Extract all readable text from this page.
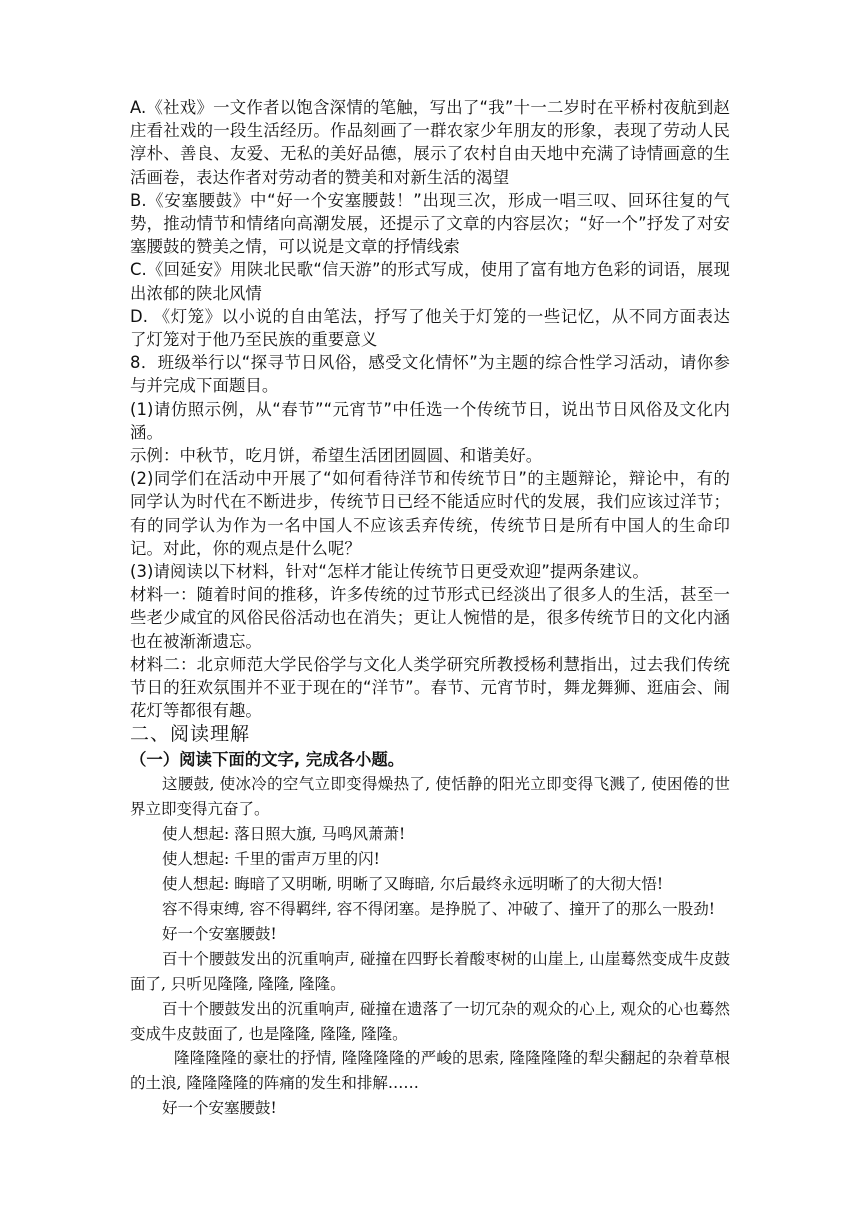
A.《社戏》一文作者以饱含深情的笔触，写出了“我”十一二岁时在平桥村夜航到赵庄看社戏的一段生活经历。作品刻画了一群农家少年朋友的形象，表现了劳动人民淳朴、善良、友爱、无私的美好品德，展示了农村自由天地中充满了诗情画意的生活画卷，表达作者对劳动者的赞美和对新生活的渴望

B.《安塞腰鼓》中“好一个安塞腰鼓！”出现三次，形成一唱三叹、回环往复的气势，推动情节和情绪向高潮发展，还提示了文章的内容层次；“好一个”抒发了对安塞腰鼓的赞美之情，可以说是文章的抒情线索

C.《回延安》用陕北民歌“信天游”的形式写成，使用了富有地方色彩的词语，展现出浓郁的陕北风情

D. 《灯笼》以小说的自由笔法，抒写了他关于灯笼的一些记忆，从不同方面表达了灯笼对于他乃至民族的重要意义

8．班级举行以“探寻节日风俗，感受文化情怀”为主题的综合性学习活动，请你参与并完成下面题目。

(1)请仿照示例，从“春节”“元宵节”中任选一个传统节日，说出节日风俗及文化内涵。

示例：中秋节，吃月饼，希望生活团团圆圆、和谐美好。

(2)同学们在活动中开展了“如何看待洋节和传统节日”的主题辩论，辩论中，有的同学认为时代在不断进步，传统节日已经不能适应时代的发展，我们应该过洋节；有的同学认为作为一名中国人不应该丢弃传统，传统节日是所有中国人的生命印记。对此，你的观点是什么呢？

(3)请阅读以下材料，针对“怎样才能让传统节日更受欢迎”提两条建议。

材料一：随着时间的推移，许多传统的过节形式已经淡出了很多人的生活，甚至一些老少咸宜的风俗民俗活动也在消失；更让人惋惜的是，很多传统节日的文化内涵也在被渐渐遗忘。

材料二：北京师范大学民俗学与文化人类学研究所教授杨利慧指出，过去我们传统节日的狂欢氛围并不亚于现在的“洋节”。春节、元宵节时，舞龙舞狮、逛庙会、闹花灯等都很有趣。

二、阅读理解
（一）阅读下面的文字, 完成各小题。

这腰鼓, 使冰冷的空气立即变得燥热了, 使恬静的阳光立即变得飞溅了, 使困倦的世界立即变得亢奋了。

使人想起: 落日照大旗, 马鸣风萧萧!

使人想起: 千里的雷声万里的闪!

使人想起: 晦暗了又明晰, 明晰了又晦暗, 尔后最终永远明晰了的大彻大悟!

容不得束缚, 容不得羁绊, 容不得闭塞。是挣脱了、冲破了、撞开了的那么一股劲!

好一个安塞腰鼓!

百十个腰鼓发出的沉重响声, 碰撞在四野长着酸枣树的山崖上, 山崖蓦然变成牛皮鼓面了, 只听见隆隆, 隆隆, 隆隆。

百十个腰鼓发出的沉重响声, 碰撞在遗落了一切冗杂的观众的心上, 观众的心也蓦然变成牛皮鼓面了, 也是隆隆, 隆隆, 隆隆。

隆隆隆隆的豪壮的抒情, 隆隆隆隆的严峻的思索, 隆隆隆隆的犁尖翻起的杂着草根的土浪, 隆隆隆隆的阵痛的发生和排解……

好一个安塞腰鼓!
